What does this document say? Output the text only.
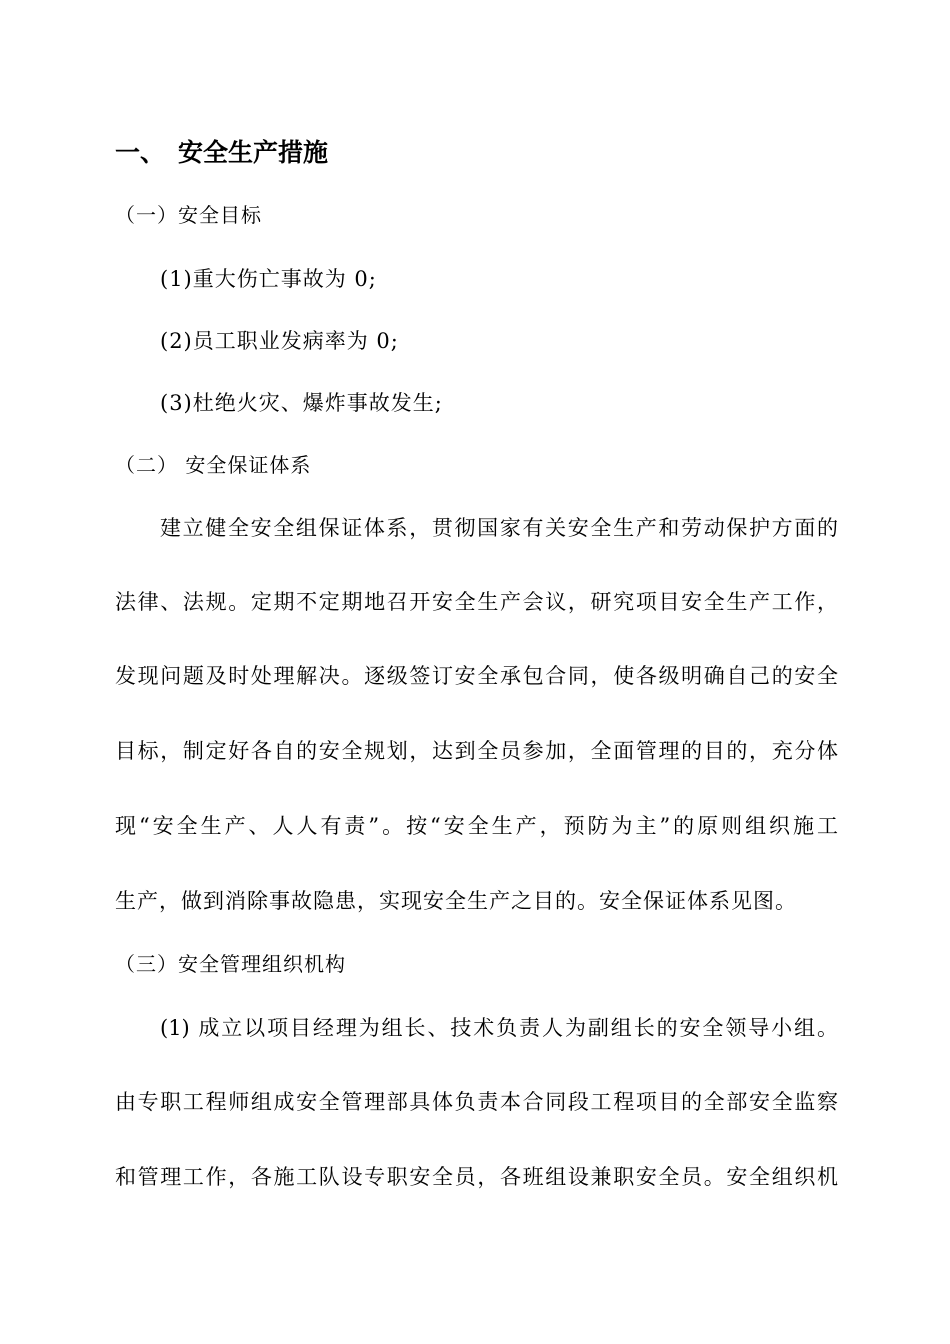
一、 安全生产措施
（一）安全目标
(1)重大伤亡事故为 0;
(2)员工职业发病率为 0;
(3)杜绝火灾、爆炸事故发生;
（二） 安全保证体系
建立健全安全组保证体系，贯彻国家有关安全生产和劳动保护方面的
法律、法规。定期不定期地召开安全生产会议，研究项目安全生产工作，
发现问题及时处理解决。逐级签订安全承包合同，使各级明确自己的安全
目标，制定好各自的安全规划，达到全员参加，全面管理的目的，充分体
现“安全生产、人人有责”。按“安全生产，预防为主”的原则组织施工
生产，做到消除事故隐患，实现安全生产之目的。安全保证体系见图。
（三）安全管理组织机构
(1) 成立以项目经理为组长、技术负责人为副组长的安全领导小组。
由专职工程师组成安全管理部具体负责本合同段工程项目的全部安全监察
和管理工作，各施工队设专职安全员，各班组设兼职安全员。安全组织机
